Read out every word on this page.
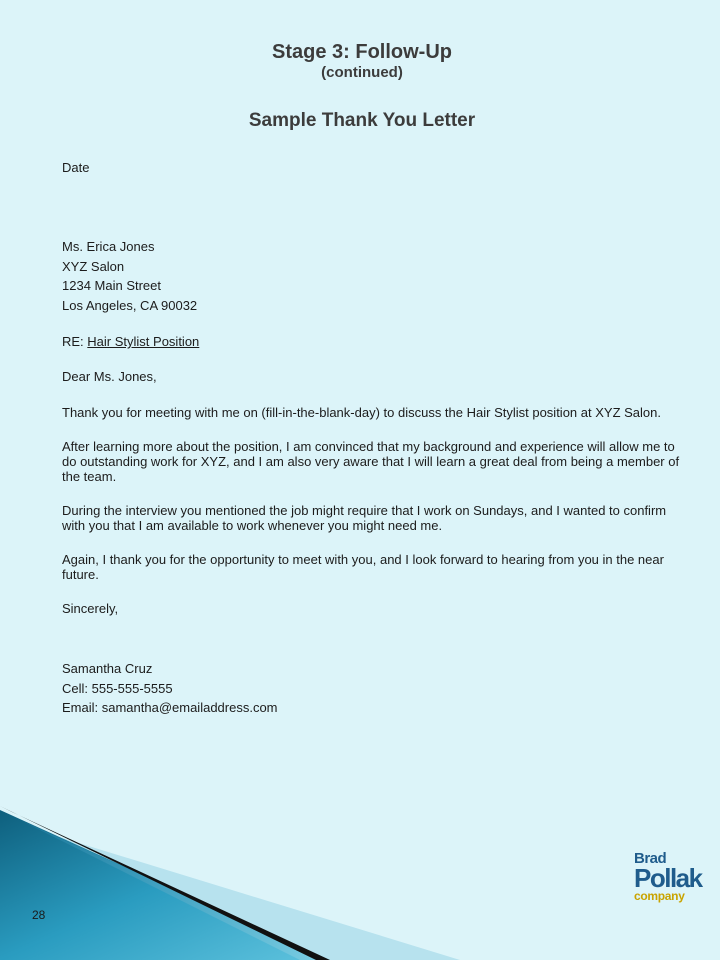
Stage 3: Follow-Up
(continued)
Sample Thank You Letter

Date

Ms. Erica Jones

XYZ Salon

1234 Main Street

Los Angeles, CA 90032

RE: Hair Stylist Position

Dear Ms. Jones,

Thank you for meeting with me on (fill-in-the-blank-day) to discuss the Hair Stylist position at XYZ Salon.

After learning more about the position, I am convinced that my background and experience will allow me to do outstanding work for XYZ, and I am also very aware that I will learn a great deal from being a member of the team.

During the interview you mentioned the job might require that I work on Sundays, and I wanted to confirm with you that I am available to work whenever you might need me.

Again, I thank you for the opportunity to meet with you, and I look forward to hearing from you in the near future.

Sincerely,

Samantha Cruz

Cell: 555-555-5555

Email: samantha@emailaddress.com

28
Brad
Pollak
company
